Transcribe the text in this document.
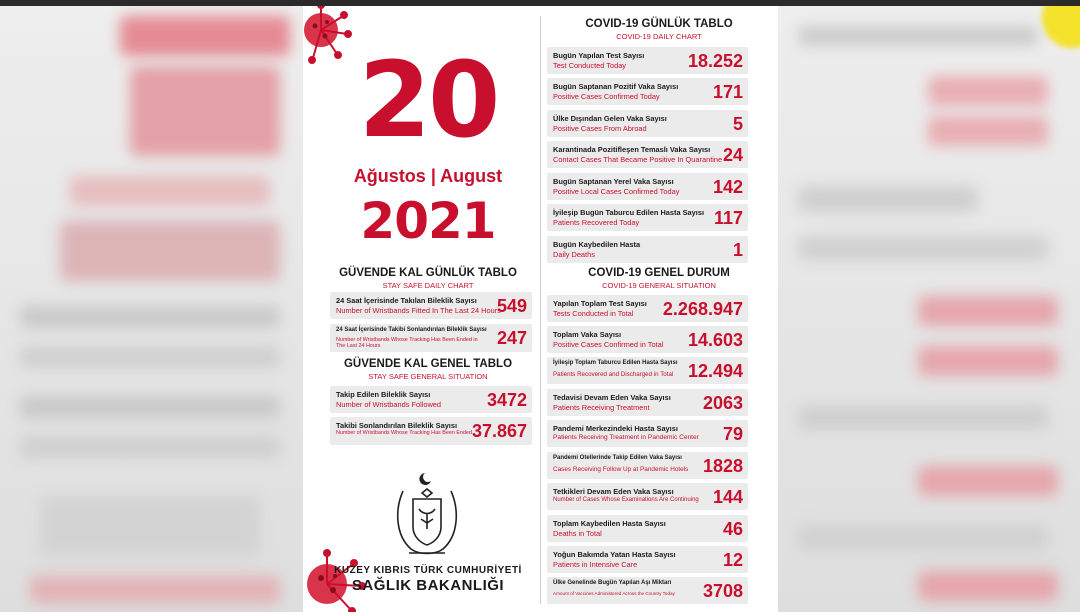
20
Ağustos | August
2021
GÜVENDE KAL GÜNLÜK TABLO
STAY SAFE DAILY CHART
24 Saat İçerisinde Takılan Bileklik Sayısı
Number of Wristbands Fitted In The Last 24 Hours
549
24 Saat İçerisinde Takibi Sonlandırılan Bileklik Sayısı
Number of Wristbands Whose Tracking Has Been Ended in The Last 24 Hours	247
GÜVENDE KAL GENEL TABLO
STAY SAFE GENERAL SITUATION
Takip Edilen Bileklik Sayısı
Number of Wristbands Followed	3472
Takibi Sonlandırılan Bileklik Sayısı
Number of Wristbands Whose Tracking Has Been Ended 37.867
KUZEY KIBRIS TÜRK CUMHURİYETİ
SAĞLIK BAKANLIĞI
COVID-19 GÜNLÜK TABLO
COVID-19 DAILY CHART
Bugün Yapılan Test Sayısı
Test Conducted Today	18.252
Bugün Saptanan Pozitif Vaka Sayısı
Positive Cases Confirmed Today	171
Ülke Dışından Gelen Vaka Sayısı
Positive Cases From Abroad	5
Karantinada Pozitifleşen Temaslı Vaka Sayısı
Contact Cases That Became Positive In Quarantine 24
Bugün Saptanan Yerel Vaka Sayısı
Positive Local Cases Confirmed Today 142
İyileşip Bugün Taburcu Edilen Hasta Sayısı
Patients Recovered Today	117
Bugün Kaybedilen Hasta
Daily Deaths	1
COVID-19 GENEL DURUM
COVID-19 GENERAL SITUATION
Yapılan Toplam Test Sayısı
Tests Conducted in Total 2.268.947
Toplam Vaka Sayısı
Positive Cases Confirmed in Total 14.603
İyileşip Toplam Taburcu Edilen Hasta Sayısı
Patients Recovered and Discharged in Total 12.494
Tedavisi Devam Eden Vaka Sayısı
Patients Receiving Treatment	2063
Pandemi Merkezindeki Hasta Sayısı
Patients Receiving Treatment in Pandemic Center 79
Pandemi Otellerinde Takip Edilen Vaka Sayısı
Cases Receiving Follow Up at Pandemic Hotels 1828
Tetkikleri Devam Eden Vaka Sayısı
Number of Cases Whose Examinations Are Continuing 144
Toplam Kaybedilen Hasta Sayısı
Deaths in Total	46
Yoğun Bakımda Yatan Hasta Sayısı
Patients in Intensive Care	12
Ülke Genelinde Bugün Yapılan Aşı Miktarı
Amount of Vaccines Administered Across the Country Today 3708
